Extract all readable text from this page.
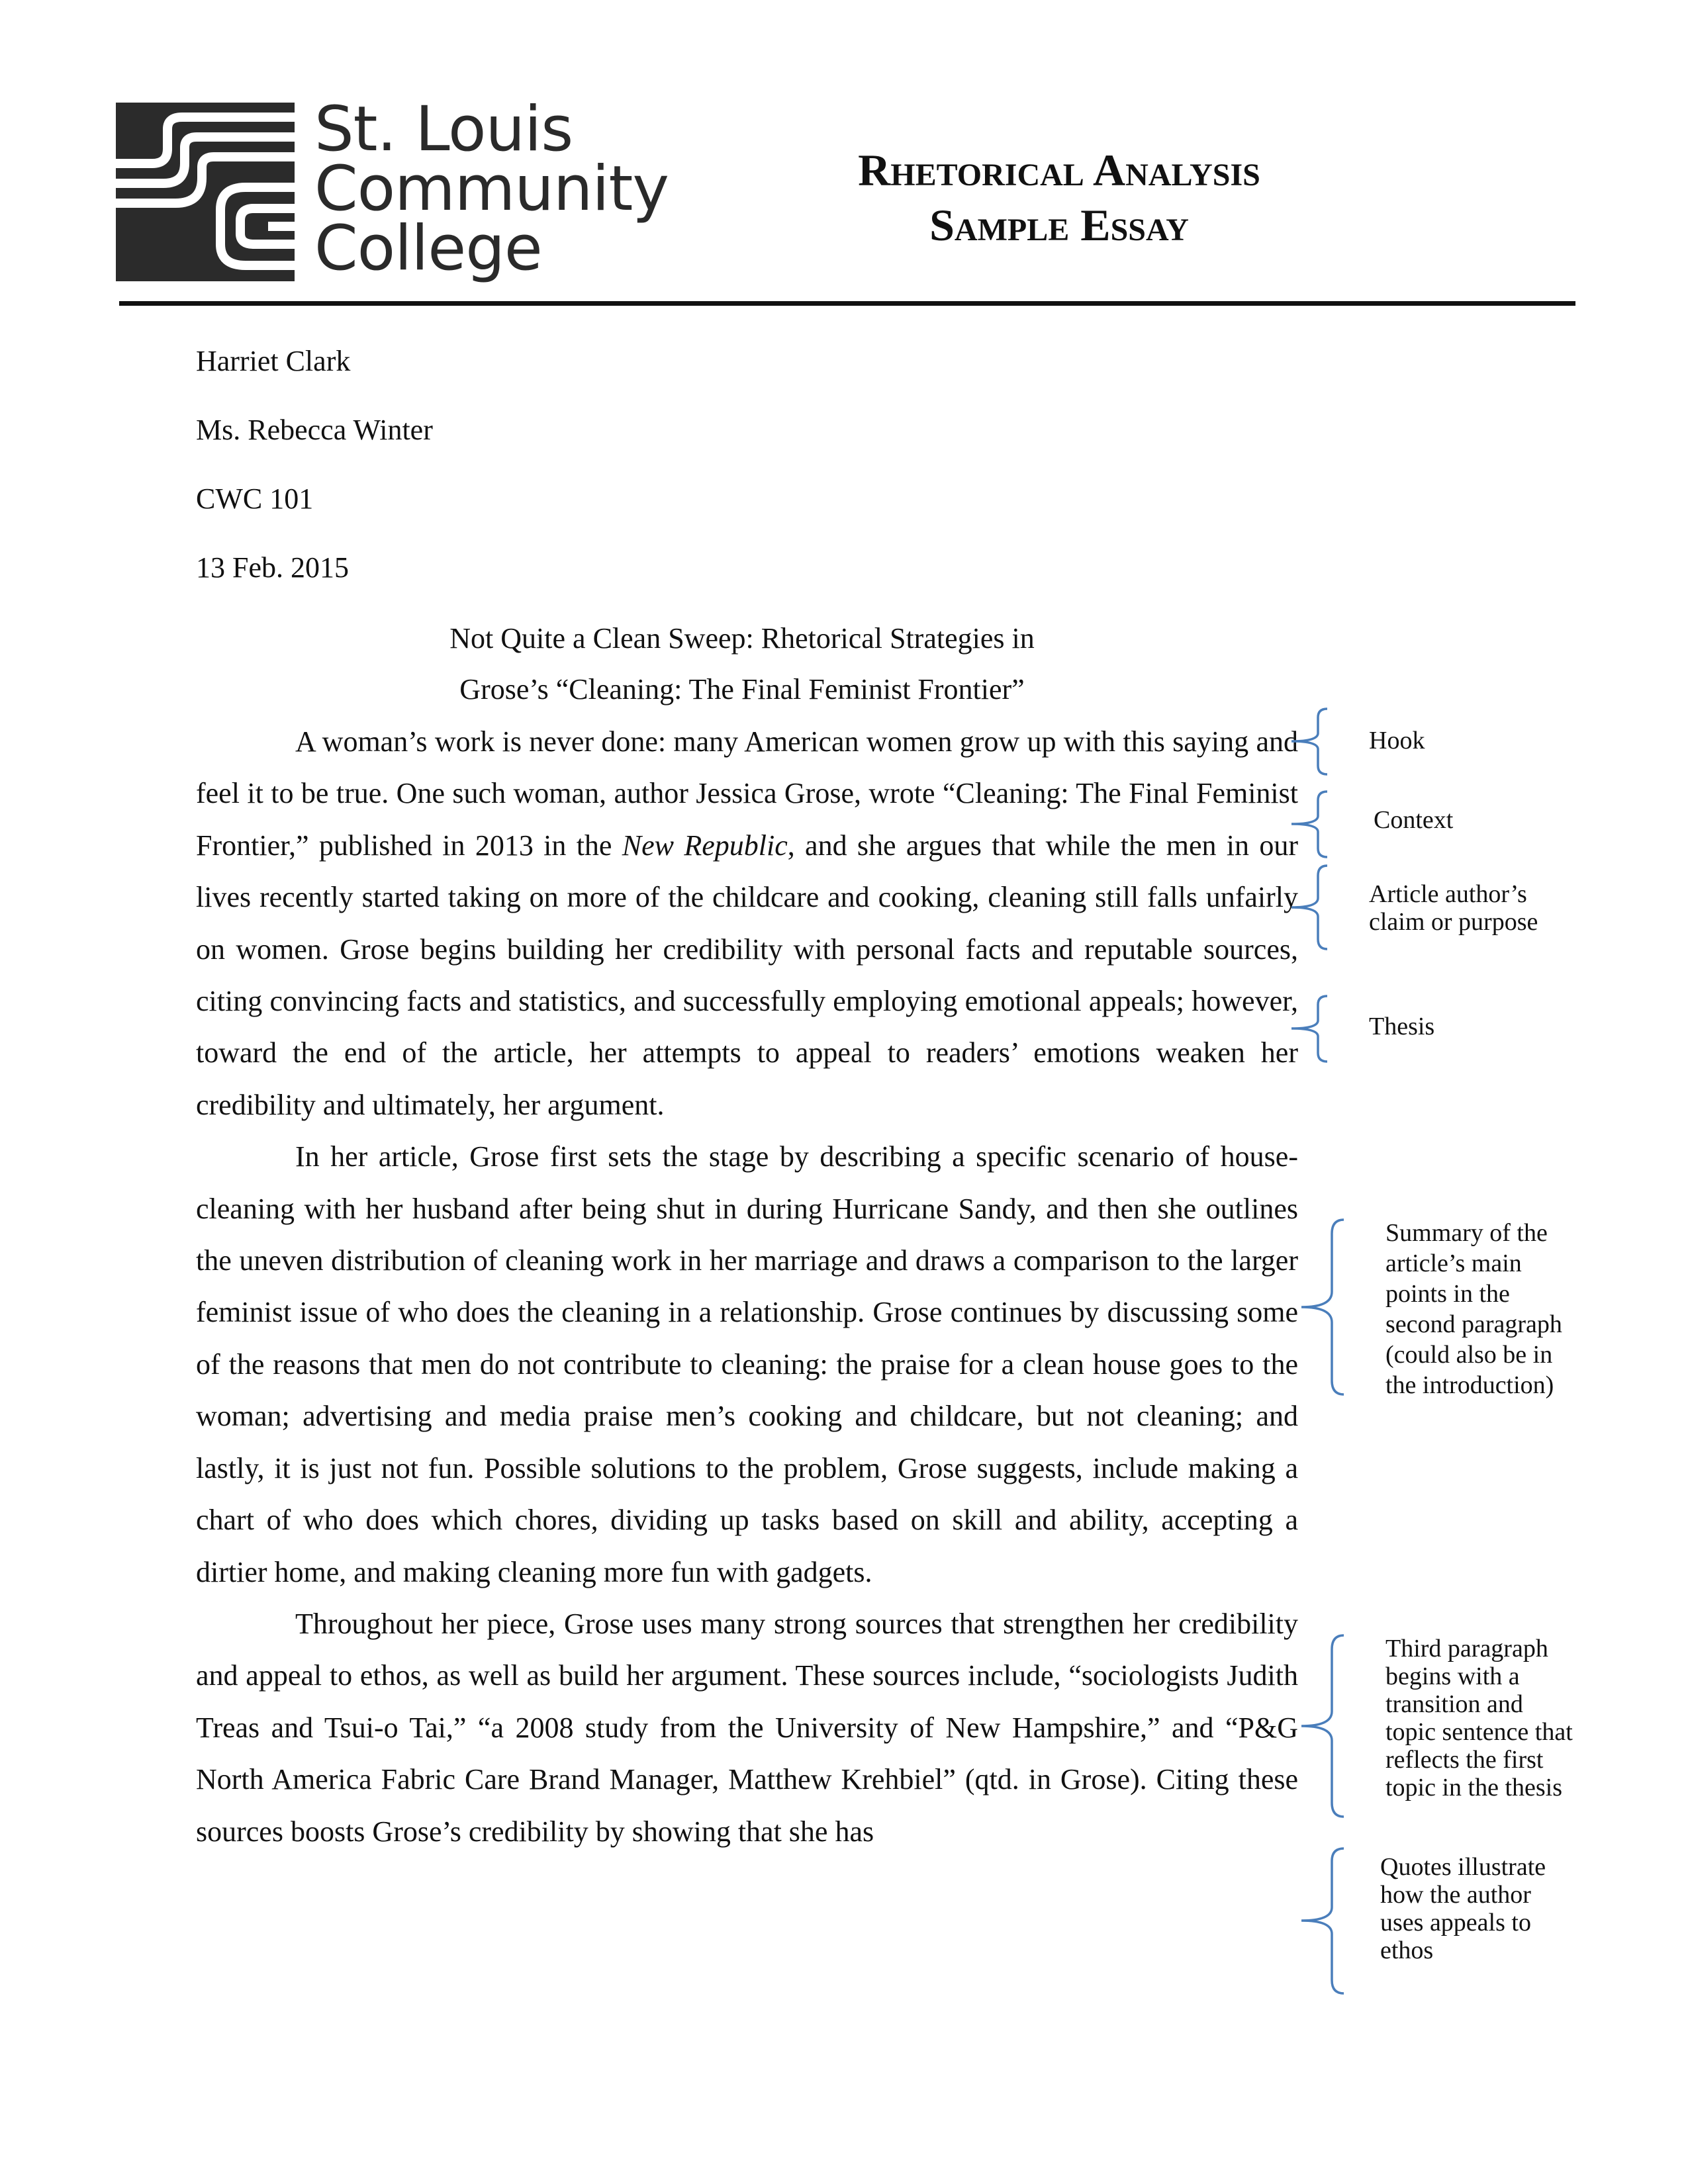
St. Louis
Community
College
Rhetorical Analysis
Sample Essay
Harriet Clark
Ms. Rebecca Winter
CWC 101
13 Feb. 2015
Not Quite a Clean Sweep: Rhetorical Strategies in
Grose’s “Cleaning: The Final Feminist Frontier”

A woman’s work is never done: many American women grow up with this saying and feel it to be true. One such woman, author Jessica Grose, wrote “Cleaning: The Final Feminist Frontier,” published in 2013 in the New Republic, and she argues that while the men in our lives recently started taking on more of the childcare and cooking, cleaning still falls unfairly on women. Grose begins building her credibility with personal facts and reputable sources, citing convincing facts and statistics, and successfully employing emotional appeals; however, toward the end of the article, her attempts to appeal to readers’ emotions weaken her credibility and ultimately, her argument.

In her article, Grose first sets the stage by describing a specific scenario of house-cleaning with her husband after being shut in during Hurricane Sandy, and then she outlines the uneven distribution of cleaning work in her marriage and draws a comparison to the larger feminist issue of who does the cleaning in a relationship. Grose continues by discussing some of the reasons that men do not contribute to cleaning: the praise for a clean house goes to the woman; advertising and media praise men’s cooking and childcare, but not cleaning; and lastly, it is just not fun. Possible solutions to the problem, Grose suggests, include making a chart of who does which chores, dividing up tasks based on skill and ability, accepting a dirtier home, and making cleaning more fun with gadgets.

Throughout her piece, Grose uses many strong sources that strengthen her credibility and appeal to ethos, as well as build her argument. These sources include, “sociologists Judith Treas and Tsui-o Tai,” “a 2008 study from the University of New Hampshire,” and “P&G North America Fabric Care Brand Manager, Matthew Krehbiel” (qtd. in Grose). Citing these sources boosts Grose’s credibility by showing that she has

Hook
Context
Article author’s
claim or purpose
Thesis
Summary of the
article’s main
points in the
second paragraph
(could also be in
the introduction)
Third paragraph
begins with a
transition and
topic sentence that
reflects the first
topic in the thesis
Quotes illustrate
how the author
uses appeals to
ethos
